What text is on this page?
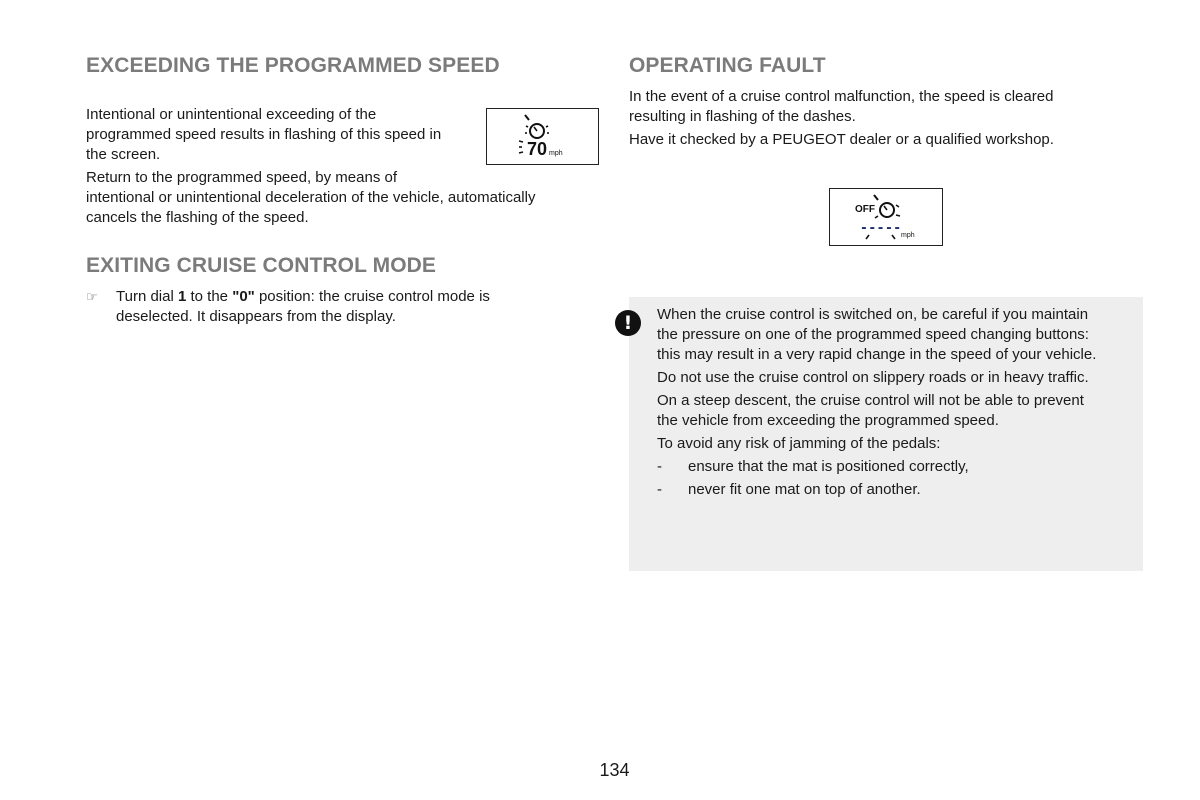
EXCEEDING THE PROGRAMMED SPEED

Intentional or unintentional exceeding of the

programmed speed results in flashing of this speed in

the screen.

Return to the programmed speed, by means of

intentional or unintentional deceleration of the vehicle, automatically

cancels the flashing of the speed.

70 mph
EXITING CRUISE CONTROL MODE
☞ Turn dial 1 to the "0" position: the cruise control mode is

deselected. It disappears from the display.

OPERATING FAULT

In the event of a cruise control malfunction, the speed is cleared

resulting in flashing of the dashes.

Have it checked by a PEUGEOT dealer or a qualified workshop.

OFF
----- mph
!	When the cruise control is switched on, be careful if you maintain

the pressure on one of the programmed speed changing buttons:

this may result in a very rapid change in the speed of your vehicle.

Do not use the cruise control on slippery roads or in heavy traffic.

On a steep descent, the cruise control will not be able to prevent

the vehicle from exceeding the programmed speed.

To avoid any risk of jamming of the pedals:

- ensure that the mat is positioned correctly,

- never fit one mat on top of another.

134
